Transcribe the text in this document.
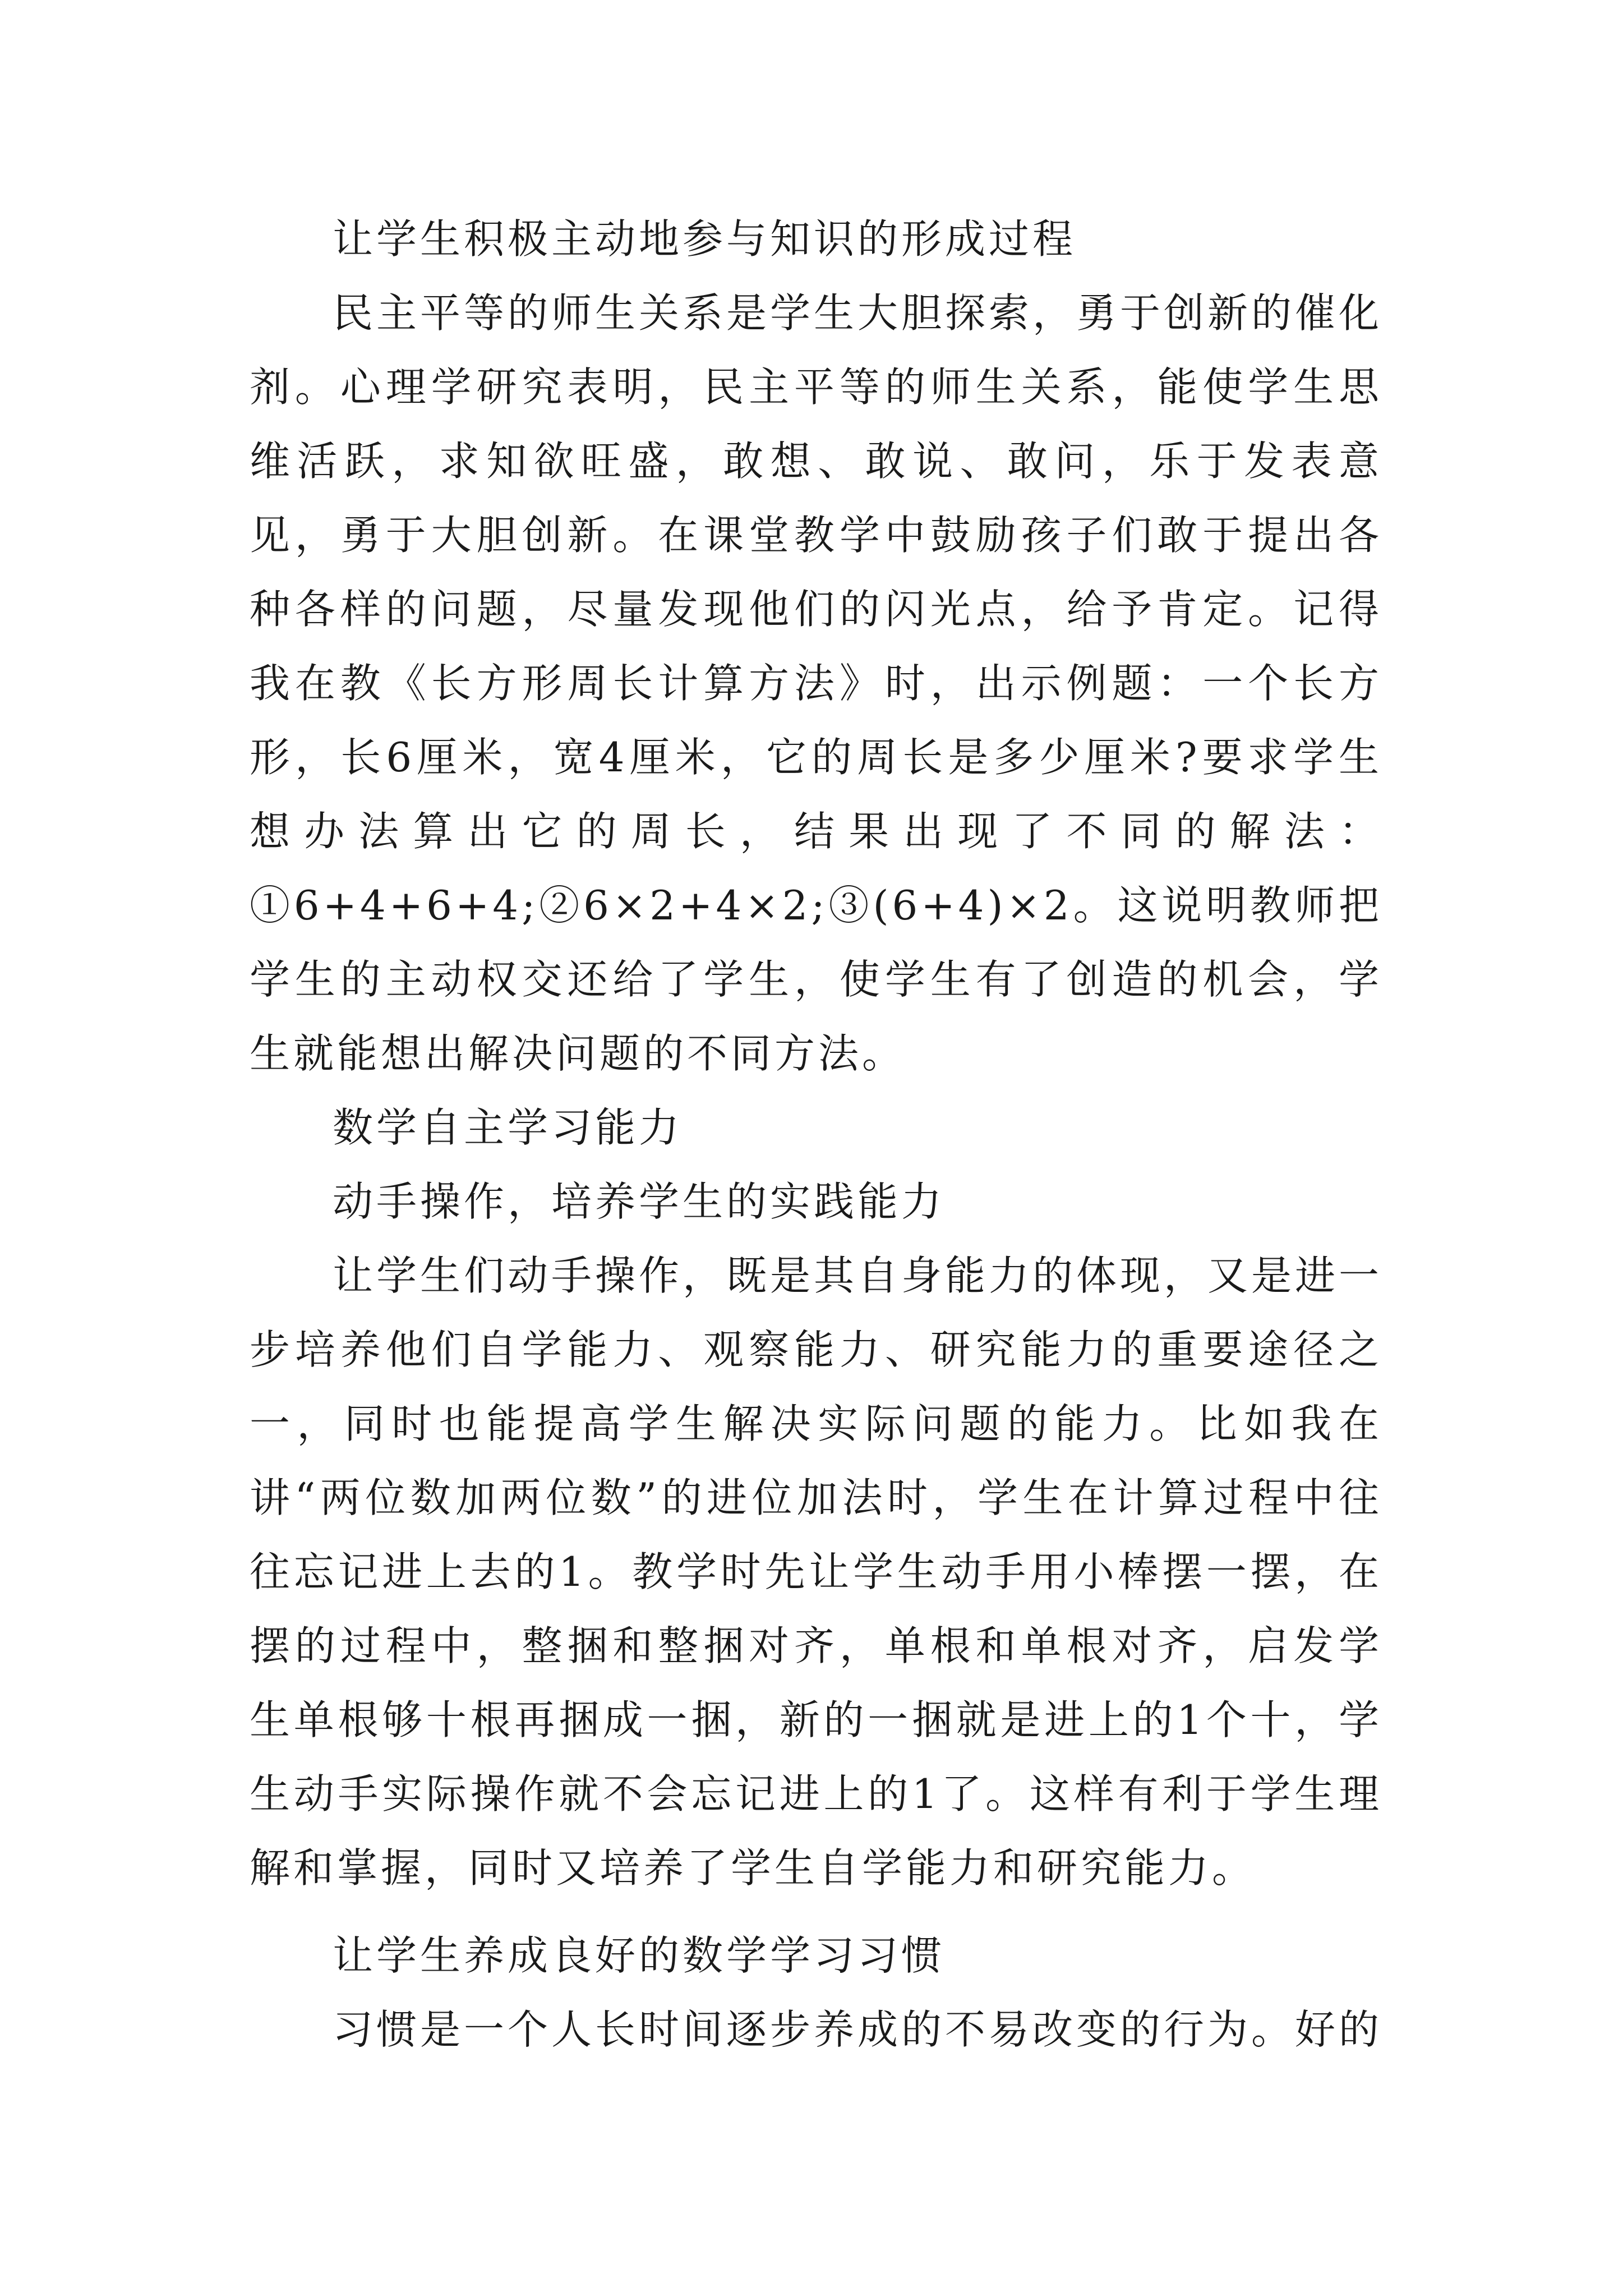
让学生积极主动地参与知识的形成过程

民主平等的师生关系是学生大胆探索，勇于创新的催化剂。心理学研究表明，民主平等的师生关系，能使学生思维活跃，求知欲旺盛，敢想、敢说、敢问，乐于发表意见，勇于大胆创新。在课堂教学中鼓励孩子们敢于提出各种各样的问题，尽量发现他们的闪光点，给予肯定。记得我在教《长方形周长计算方法》时，出示例题：一个长方形，长6厘米，宽4厘米，它的周长是多少厘米?要求学生想办法算出它的周长，结果出现了不同的解法：①6+4+6+4;②6×2+4×2;③(6+4)×2。这说明教师把学生的主动权交还给了学生，使学生有了创造的机会，学生就能想出解决问题的不同方法。

数学自主学习能力

动手操作，培养学生的实践能力

让学生们动手操作，既是其自身能力的体现，又是进一步培养他们自学能力、观察能力、研究能力的重要途径之一，同时也能提高学生解决实际问题的能力。比如我在讲“两位数加两位数”的进位加法时，学生在计算过程中往往忘记进上去的1。教学时先让学生动手用小棒摆一摆，在摆的过程中，整捆和整捆对齐，单根和单根对齐，启发学生单根够十根再捆成一捆，新的一捆就是进上的1个十，学生动手实际操作就不会忘记进上的1了。这样有利于学生理解和掌握，同时又培养了学生自学能力和研究能力。

让学生养成良好的数学学习习惯

习惯是一个人长时间逐步养成的不易改变的行为。好的
